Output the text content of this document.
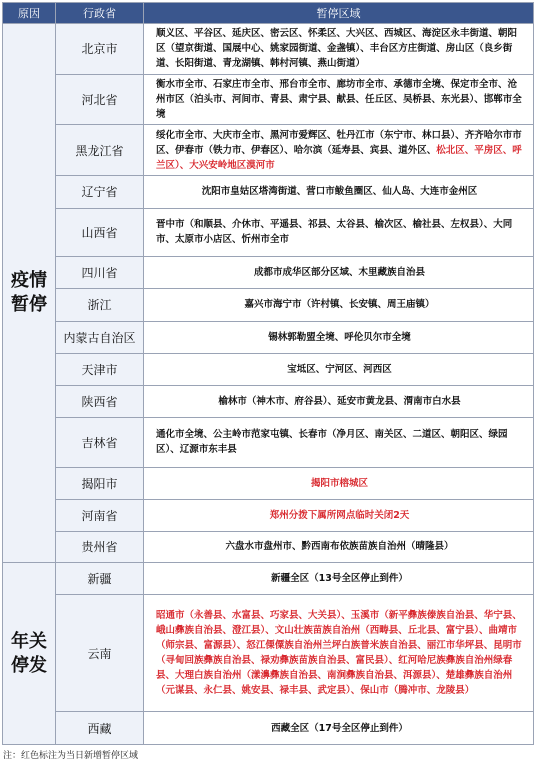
原因	行政省	暂停区域
疫情
暂停	北京市	顺义区、平谷区、延庆区、密云区、怀柔区、大兴区、西城区、海淀区永丰街道、朝阳区（望京街道、国展中心、姚家园街道、金盏镇）、丰台区方庄街道、房山区（良乡街道、长阳街道、青龙湖镇、韩村河镇、燕山街道）
	河北省	衡水市全市、石家庄市全市、邢台市全市、廊坊市全市、承德市全境、保定市全市、沧州市区（泊头市、河间市、青县、肃宁县、献县、任丘区、吴桥县、东光县）、邯郸市全境
	黑龙江省	绥化市全市、大庆市全市、黑河市爱辉区、牡丹江市（东宁市、林口县）、齐齐哈尔市市区、伊春市（铁力市、伊春区）、哈尔滨（延寿县、宾县、道外区、松北区、平房区、呼兰区）、大兴安岭地区漠河市
	辽宁省	沈阳市皇姑区塔湾街道、营口市鲅鱼圈区、仙人岛、大连市金州区
	山西省	晋中市（和顺县、介休市、平遥县、祁县、太谷县、榆次区、榆社县、左权县）、大同市、太原市小店区、忻州市全市
	四川省	成都市成华区部分区域、木里藏族自治县
	浙江	嘉兴市海宁市（许村镇、长安镇、周王庙镇）
	内蒙古自治区	锡林郭勒盟全境、呼伦贝尔市全境
	天津市	宝坻区、宁河区、河西区
	陕西省	榆林市（神木市、府谷县）、延安市黄龙县、渭南市白水县
	吉林省	通化市全境、公主岭市范家屯镇、长春市（净月区、南关区、二道区、朝阳区、绿园区）、辽源市东丰县
	揭阳市	揭阳市榕城区
	河南省	郑州分拨下属所网点临时关闭2天
	贵州省	六盘水市盘州市、黔西南布依族苗族自治州（晴隆县）
年关
停发	新疆	新疆全区（13号全区停止到件）
	云南	昭通市（永善县、水富县、巧家县、大关县）、玉溪市（新平彝族傣族自治县、华宁县、峨山彝族自治县、澄江县）、文山壮族苗族自治州（西畴县、丘北县、富宁县）、曲靖市（师宗县、富源县）、怒江傈僳族自治州兰坪白族普米族自治县、丽江市华坪县、昆明市（寻甸回族彝族自治县、禄劝彝族苗族自治县、富民县）、红河哈尼族彝族自治州绿春县、大理白族自治州（漾濞彝族自治县、南涧彝族自治县、洱源县）、楚雄彝族自治州（元谋县、永仁县、姚安县、禄丰县、武定县）、保山市（腾冲市、龙陵县）
	西藏	西藏全区（17号全区停止到件）
注：红色标注为当日新增暂停区域
